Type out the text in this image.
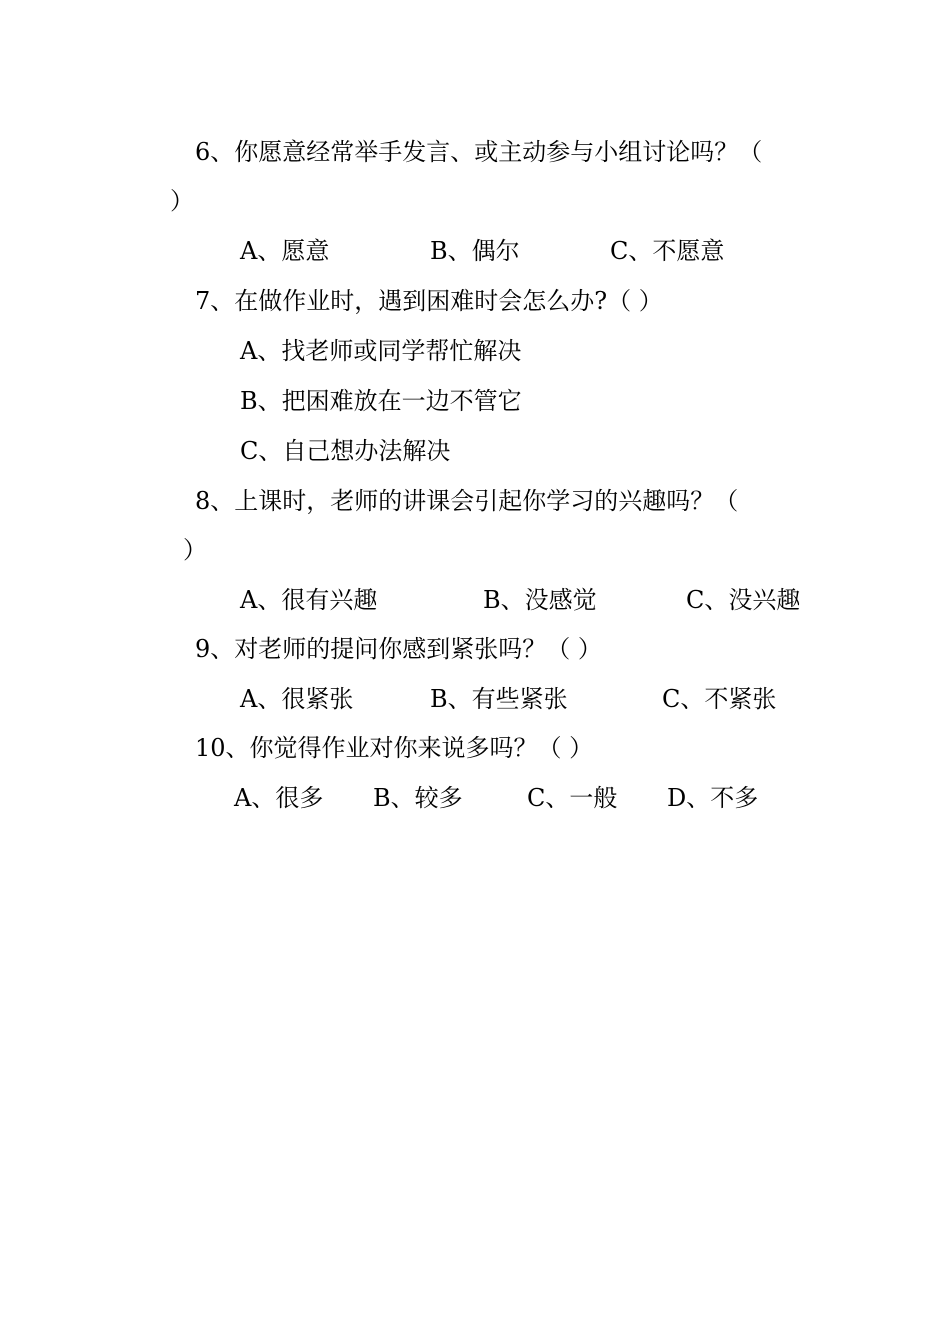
6、你愿意经常举手发言、或主动参与小组讨论吗？（
）
A、愿意	B、偶尔	C、不愿意
7、在做作业时，遇到困难时会怎么办?（ ）
A、找老师或同学帮忙解决
B、把困难放在一边不管它
C、自己想办法解决
8、上课时，老师的讲课会引起你学习的兴趣吗？（
）
A、很有兴趣	B、没感觉	C、没兴趣
9、对老师的提问你感到紧张吗？（ ）
A、很紧张	B、有些紧张	C、不紧张
10、你觉得作业对你来说多吗？（ ）
A、很多 B、较多	C、一般 D、不多
